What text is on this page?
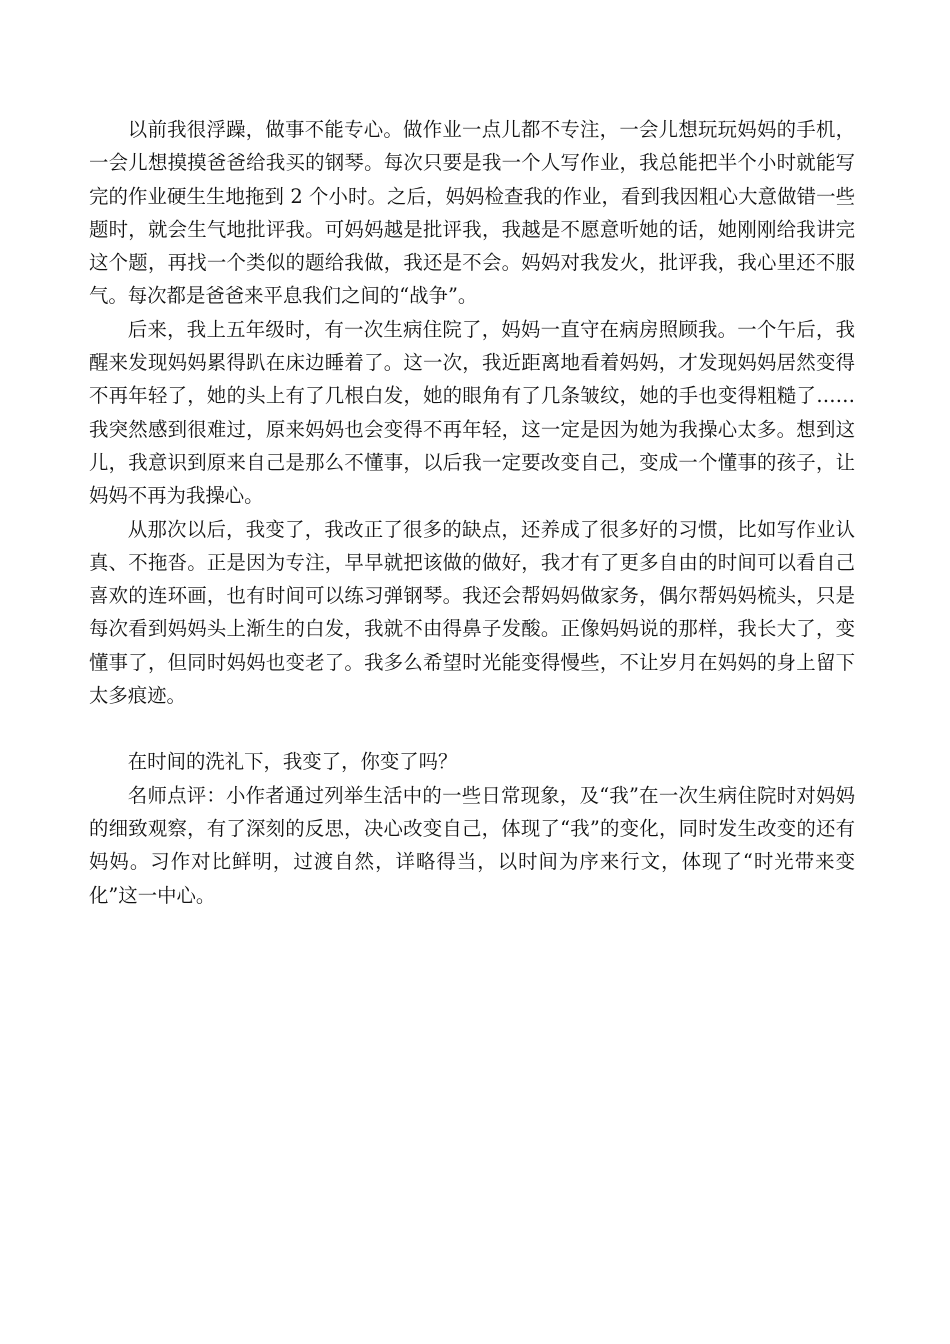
以前我很浮躁，做事不能专心。做作业一点儿都不专注，一会儿想玩玩妈妈的手机，一会儿想摸摸爸爸给我买的钢琴。每次只要是我一个人写作业，我总能把半个小时就能写完的作业硬生生地拖到 2 个小时。之后，妈妈检查我的作业，看到我因粗心大意做错一些题时，就会生气地批评我。可妈妈越是批评我，我越是不愿意听她的话，她刚刚给我讲完这个题，再找一个类似的题给我做，我还是不会。妈妈对我发火，批评我，我心里还不服气。每次都是爸爸来平息我们之间的“战争”。

后来，我上五年级时，有一次生病住院了，妈妈一直守在病房照顾我。一个午后，我醒来发现妈妈累得趴在床边睡着了。这一次，我近距离地看着妈妈，才发现妈妈居然变得不再年轻了，她的头上有了几根白发，她的眼角有了几条皱纹，她的手也变得粗糙了……我突然感到很难过，原来妈妈也会变得不再年轻，这一定是因为她为我操心太多。想到这儿，我意识到原来自己是那么不懂事，以后我一定要改变自己，变成一个懂事的孩子，让妈妈不再为我操心。

从那次以后，我变了，我改正了很多的缺点，还养成了很多好的习惯，比如写作业认真、不拖沓。正是因为专注，早早就把该做的做好，我才有了更多自由的时间可以看自己喜欢的连环画，也有时间可以练习弹钢琴。我还会帮妈妈做家务，偶尔帮妈妈梳头，只是每次看到妈妈头上渐生的白发，我就不由得鼻子发酸。正像妈妈说的那样，我长大了，变懂事了，但同时妈妈也变老了。我多么希望时光能变得慢些，不让岁月在妈妈的身上留下太多痕迹。

在时间的洗礼下，我变了，你变了吗？

名师点评：小作者通过列举生活中的一些日常现象，及“我”在一次生病住院时对妈妈的细致观察，有了深刻的反思，决心改变自己，体现了“我”的变化，同时发生改变的还有妈妈。习作对比鲜明，过渡自然，详略得当，以时间为序来行文，体现了“时光带来变化”这一中心。
